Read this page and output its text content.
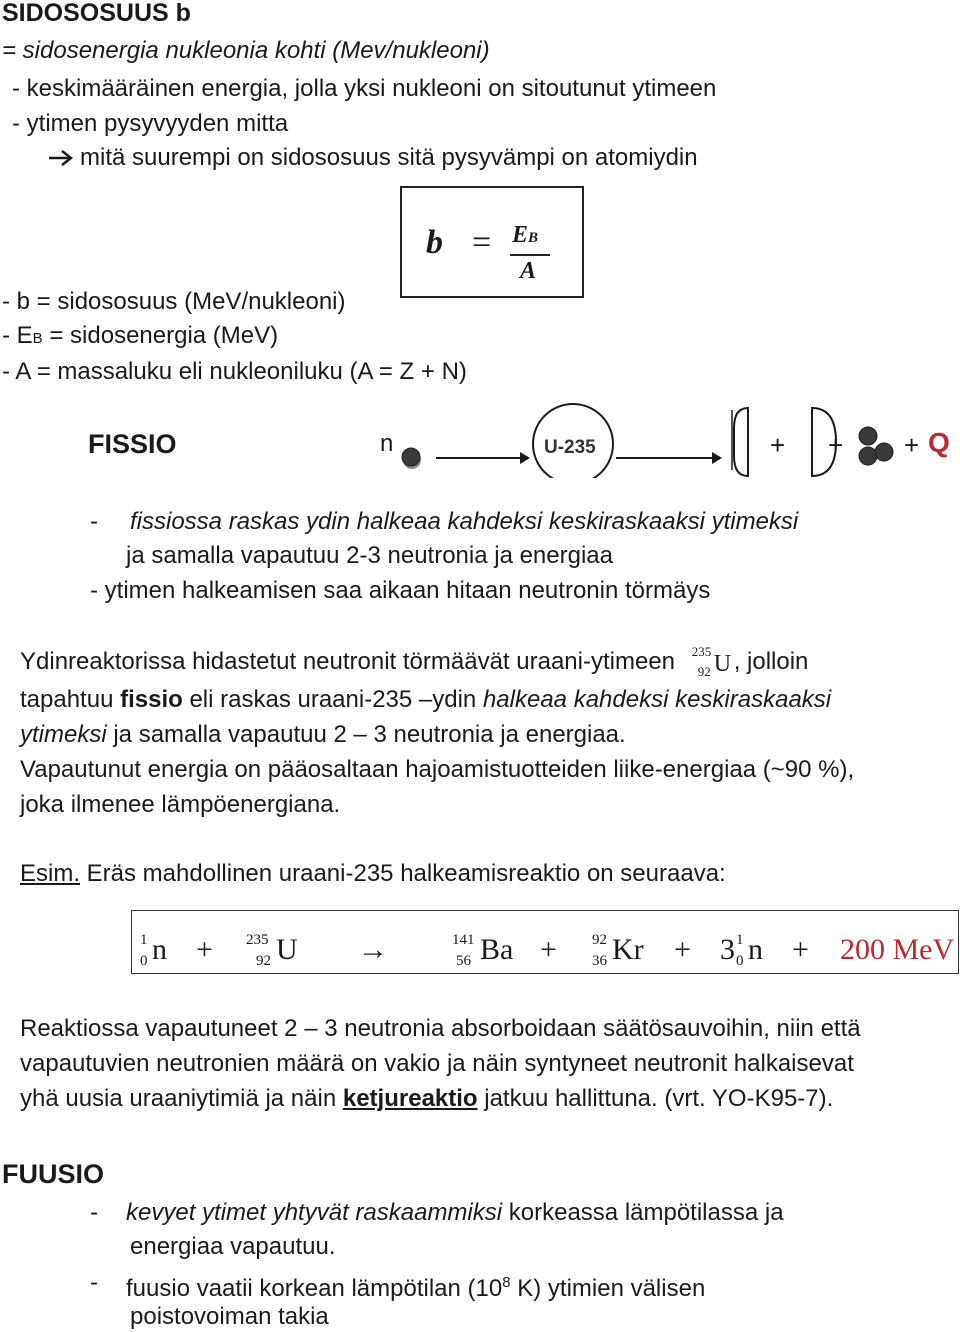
SIDOSOSUUS b
= sidosenergia nukleonia kohti (Mev/nukleoni)
- keskimääräinen energia, jolla yksi nukleoni on sitoutunut ytimeen
- ytimen pysyvyyden mitta
mitä suurempi on sidososuus sitä pysyvämpi on atomiydin
b = EB
A
- b = sidososuus (MeV/nukleoni)
- EB = sidosenergia (MeV)
- A = massaluku eli nukleoniluku (A = Z + N)
FISSIO	n	U-235	+ + + Q
- fissiossa raskas ydin halkeaa kahdeksi keskiraskaaksi ytimeksi
ja samalla vapautuu 2-3 neutronia ja energiaa
- ytimen halkeamisen saa aikaan hitaan neutronin törmäys
Ydinreaktorissa hidastetut neutronit törmäävät uraani-ytimeen 235
92 U , jolloin
tapahtuu fissio eli raskas uraani-235 –ydin halkeaa kahdeksi keskiraskaaksi
ytimeksi ja samalla vapautuu 2 – 3 neutronia ja energiaa.
Vapautunut energia on pääosaltaan hajoamistuotteiden liike-energiaa (~90 %),
joka ilmenee lämpöenergiana.
Esim. Eräs mahdollinen uraani-235 halkeamisreaktio on seuraava:
1
0 n + 235
92 U →	141
56 Ba + 92
36 Kr + 3 1
0 n + 200 MeV
Reaktiossa vapautuneet 2 – 3 neutronia absorboidaan säätösauvoihin, niin että
vapautuvien neutronien määrä on vakio ja näin syntyneet neutronit halkaisevat
yhä uusia uraaniytimiä ja näin ketjureaktio jatkuu hallittuna. (vrt. YO-K95-7).
FUUSIO
- kevyet ytimet yhtyvät raskaammiksi korkeassa lämpötilassa ja
energiaa vapautuu.
- fuusio vaatii korkean lämpötilan ($10^8$ K) ytimien välisen
poistovoiman takia
